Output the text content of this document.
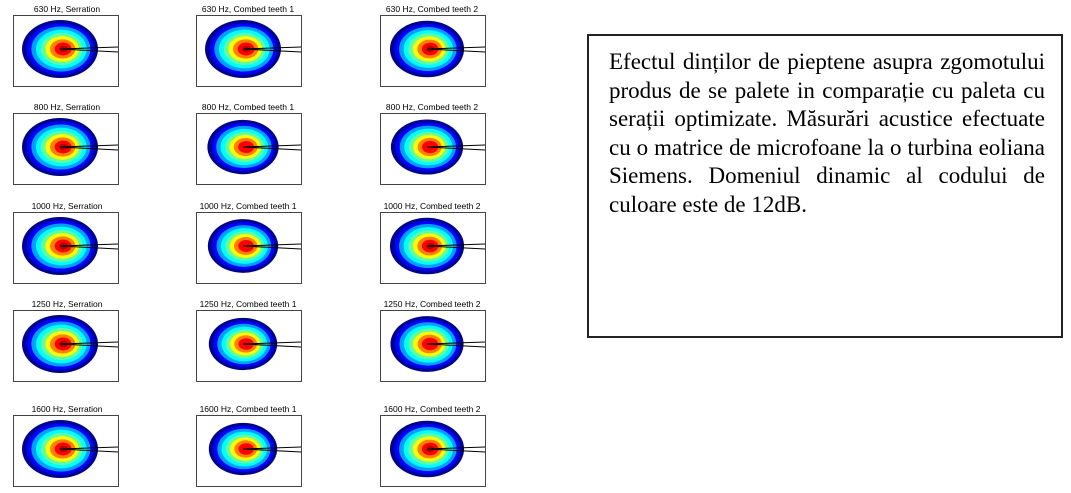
630 Hz, Serration	630 Hz, Combed teeth 1	630 Hz, Combed teeth 2
800 Hz, Serration	800 Hz, Combed teeth 1	800 Hz, Combed teeth 2
1000 Hz, Serration	1000 Hz, Combed teeth 1	1000 Hz, Combed teeth 2
1250 Hz, Serration	1250 Hz, Combed teeth 1	1250 Hz, Combed teeth 2
1600 Hz, Serration	1600 Hz, Combed teeth 1	1600 Hz, Combed teeth 2
Efectul dinților de pieptene asupra zgomotului produs de se palete in comparație cu paleta cu serații optimizate. Măsurări acustice efectuate cu o matrice de microfoane la o turbina eoliana Siemens. Domeniul dinamic al codului de culoare este de 12dB.
